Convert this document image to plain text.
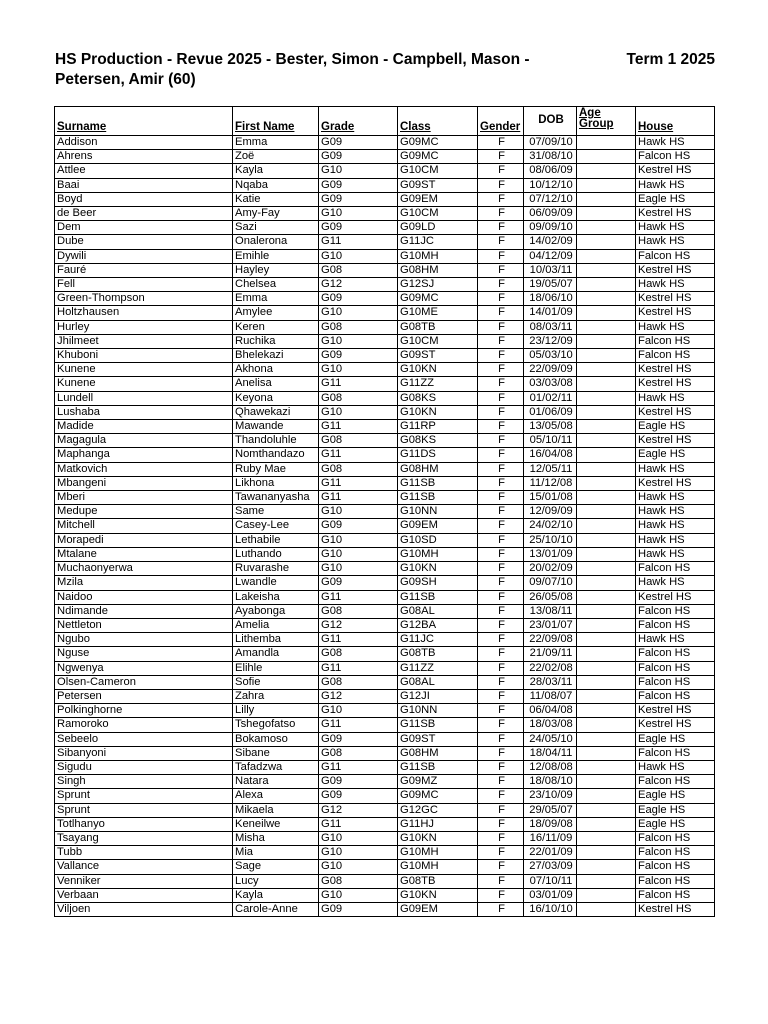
HS Production - Revue 2025 - Bester, Simon - Campbell, Mason - Petersen, Amir (60)

Term 1 2025
Surname	First Name	Grade	Class	Gender	DOB	Age Group	House
Addison	Emma	G09	G09MC	F	07/09/10		Hawk HS
Ahrens	Zoë	G09	G09MC	F	31/08/10		Falcon HS
Attlee	Kayla	G10	G10CM	F	08/06/09		Kestrel HS
Baai	Nqaba	G09	G09ST	F	10/12/10		Hawk HS
Boyd	Katie	G09	G09EM	F	07/12/10		Eagle HS
de Beer	Amy-Fay	G10	G10CM	F	06/09/09		Kestrel HS
Dem	Sazi	G09	G09LD	F	09/09/10		Hawk HS
Dube	Onalerona	G11	G11JC	F	14/02/09		Hawk HS
Dywili	Emihle	G10	G10MH	F	04/12/09		Falcon HS
Fauré	Hayley	G08	G08HM	F	10/03/11		Kestrel HS
Fell	Chelsea	G12	G12SJ	F	19/05/07		Hawk HS
Green-Thompson	Emma	G09	G09MC	F	18/06/10		Kestrel HS
Holtzhausen	Amylee	G10	G10ME	F	14/01/09		Kestrel HS
Hurley	Keren	G08	G08TB	F	08/03/11		Hawk HS
Jhilmeet	Ruchika	G10	G10CM	F	23/12/09		Falcon HS
Khuboni	Bhelekazi	G09	G09ST	F	05/03/10		Falcon HS
Kunene	Akhona	G10	G10KN	F	22/09/09		Kestrel HS
Kunene	Anelisa	G11	G11ZZ	F	03/03/08		Kestrel HS
Lundell	Keyona	G08	G08KS	F	01/02/11		Hawk HS
Lushaba	Qhawekazi	G10	G10KN	F	01/06/09		Kestrel HS
Madide	Mawande	G11	G11RP	F	13/05/08		Eagle HS
Magagula	Thandoluhle	G08	G08KS	F	05/10/11		Kestrel HS
Maphanga	Nomthandazo	G11	G11DS	F	16/04/08		Eagle HS
Matkovich	Ruby Mae	G08	G08HM	F	12/05/11		Hawk HS
Mbangeni	Likhona	G11	G11SB	F	11/12/08		Kestrel HS
Mberi	Tawananyasha	G11	G11SB	F	15/01/08		Hawk HS
Medupe	Same	G10	G10NN	F	12/09/09		Hawk HS
Mitchell	Casey-Lee	G09	G09EM	F	24/02/10		Hawk HS
Morapedi	Lethabile	G10	G10SD	F	25/10/10		Hawk HS
Mtalane	Luthando	G10	G10MH	F	13/01/09		Hawk HS
Muchaonyerwa	Ruvarashe	G10	G10KN	F	20/02/09		Falcon HS
Mzila	Lwandle	G09	G09SH	F	09/07/10		Hawk HS
Naidoo	Lakeisha	G11	G11SB	F	26/05/08		Kestrel HS
Ndimande	Ayabonga	G08	G08AL	F	13/08/11		Falcon HS
Nettleton	Amelia	G12	G12BA	F	23/01/07		Falcon HS
Ngubo	Lithemba	G11	G11JC	F	22/09/08		Hawk HS
Nguse	Amandla	G08	G08TB	F	21/09/11		Falcon HS
Ngwenya	Elihle	G11	G11ZZ	F	22/02/08		Falcon HS
Olsen-Cameron	Sofie	G08	G08AL	F	28/03/11		Falcon HS
Petersen	Zahra	G12	G12JI	F	11/08/07		Falcon HS
Polkinghorne	Lilly	G10	G10NN	F	06/04/08		Kestrel HS
Ramoroko	Tshegofatso	G11	G11SB	F	18/03/08		Kestrel HS
Sebeelo	Bokamoso	G09	G09ST	F	24/05/10		Eagle HS
Sibanyoni	Sibane	G08	G08HM	F	18/04/11		Falcon HS
Sigudu	Tafadzwa	G11	G11SB	F	12/08/08		Hawk HS
Singh	Natara	G09	G09MZ	F	18/08/10		Falcon HS
Sprunt	Alexa	G09	G09MC	F	23/10/09		Eagle HS
Sprunt	Mikaela	G12	G12GC	F	29/05/07		Eagle HS
Totlhanyo	Keneilwe	G11	G11HJ	F	18/09/08		Eagle HS
Tsayang	Misha	G10	G10KN	F	16/11/09		Falcon HS
Tubb	Mia	G10	G10MH	F	22/01/09		Falcon HS
Vallance	Sage	G10	G10MH	F	27/03/09		Falcon HS
Venniker	Lucy	G08	G08TB	F	07/10/11		Falcon HS
Verbaan	Kayla	G10	G10KN	F	03/01/09		Falcon HS
Viljoen	Carole-Anne	G09	G09EM	F	16/10/10		Kestrel HS
